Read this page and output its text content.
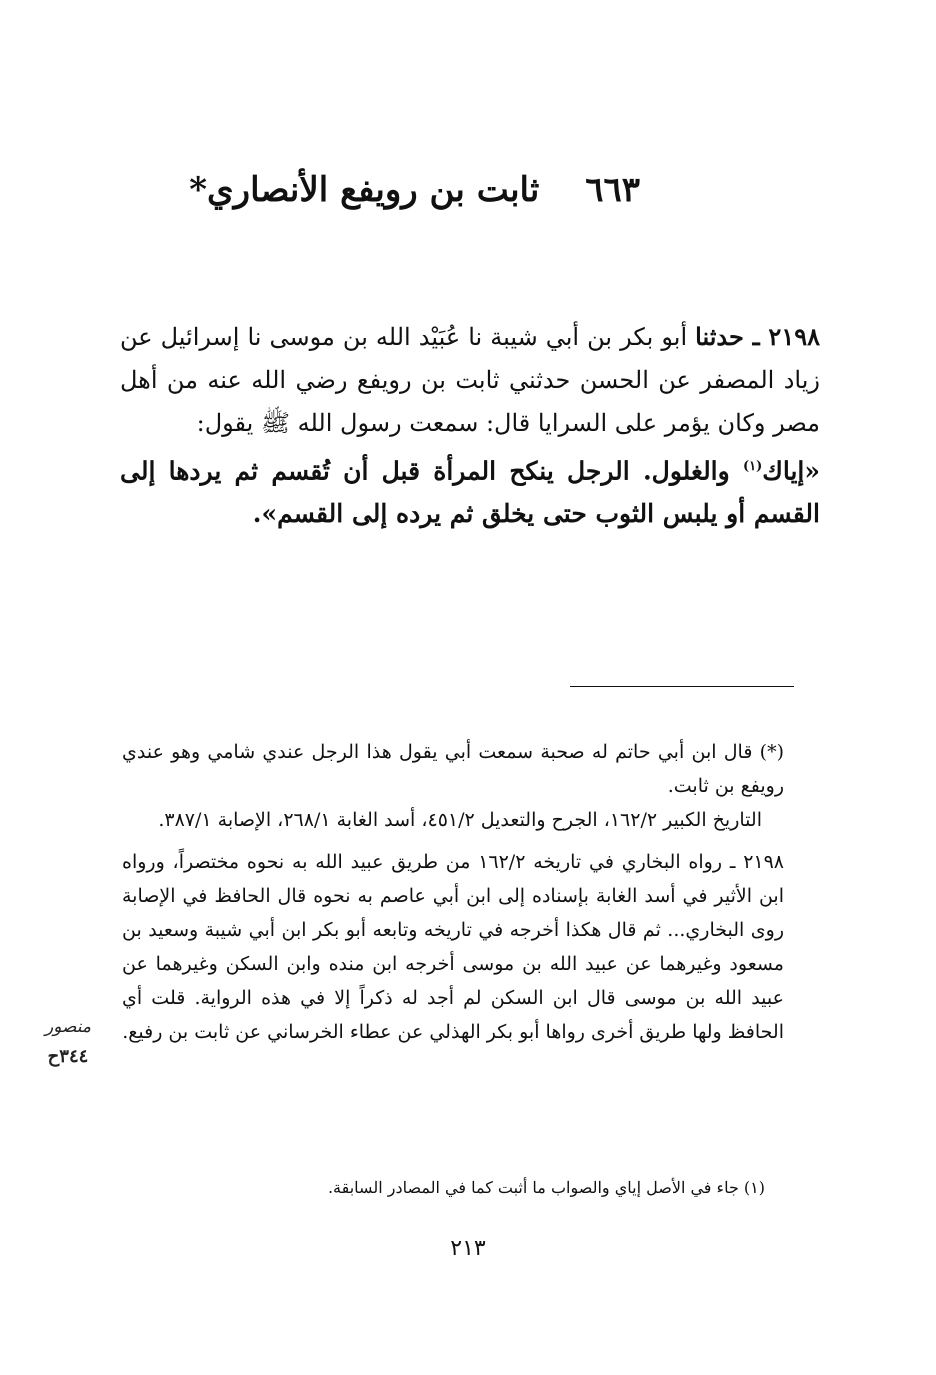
٦٦٣ ثابت بن رويفع الأنصاري*

٢١٩٨ ـ حدثنا أبو بكر بن أبي شيبة نا عُبَيْد الله بن موسى نا إسرائيل عن زياد المصفر عن الحسن حدثني ثابت بن رويفع رضي الله عنه من أهل مصر وكان يؤمر على السرايا قال: سمعت رسول الله ﷺ يقول:

«إياك$^{(١)}$ والغلول. الرجل ينكح المرأة قبل أن تُقسم ثم يردها إلى القسم أو يلبس الثوب حتى يخلق ثم يرده إلى القسم».

(*) قال ابن أبي حاتم له صحبة سمعت أبي يقول هذا الرجل عندي شامي وهو عندي رويفع بن ثابت.

التاريخ الكبير ١٦٢/٢، الجرح والتعديل ٤٥١/٢، أسد الغابة ٢٦٨/١، الإصابة ٣٨٧/١.

٢١٩٨ ـ رواه البخاري في تاريخه ١٦٢/٢ من طريق عبيد الله به نحوه مختصراً، ورواه ابن الأثير في أسد الغابة بإسناده إلى ابن أبي عاصم به نحوه قال الحافظ في الإصابة روى البخاري... ثم قال هكذا أخرجه في تاريخه وتابعه أبو بكر ابن أبي شيبة وسعيد بن مسعود وغيرهما عن عبيد الله بن موسى أخرجه ابن منده وابن السكن وغيرهما عن عبيد الله بن موسى قال ابن السكن لم أجد له ذكراً إلا في هذه الرواية. قلت أي الحافظ ولها طريق أخرى رواها أبو بكر الهذلي عن عطاء الخرساني عن ثابت بن رفيع.

(١) جاء في الأصل إياي والصواب ما أثبت كما في المصادر السابقة.
منصور
٣٤٤ح
٢١٣
